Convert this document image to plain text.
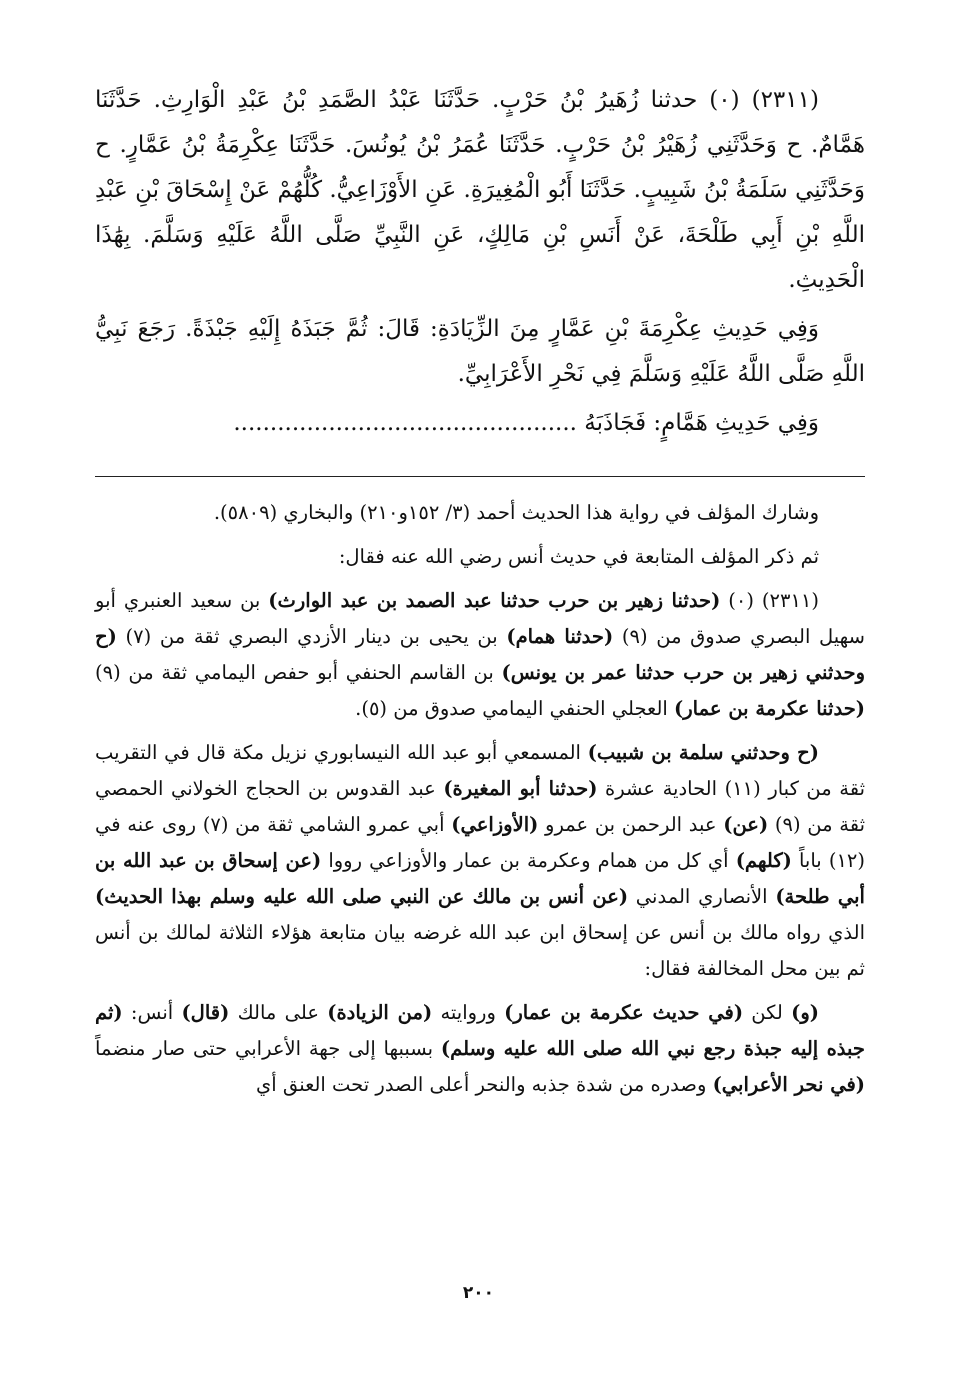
(٢٣١١) (٠) حدثنا زُهَيرُ بْنُ حَرْبٍ. حَدَّثَنَا عَبْدُ الصَّمَدِ بْنُ عَبْدِ الْوَارِثِ. حَدَّثَنَا هَمَّامٌ. ح وَحَدَّثَنِي زُهَيْرُ بْنُ حَرْبٍ. حَدَّثَنَا عُمَرُ بْنُ يُونُسَ. حَدَّثَنَا عِكْرِمَةُ بْنُ عَمَّارٍ. ح وَحَدَّثَنِي سَلَمَةُ بْنُ شَبِيبٍ. حَدَّثَنَا أَبُو الْمُغِيرَةِ. عَنِ الأَوْزَاعِيُّ. كُلُّهُمْ عَنْ إِسْحَاقَ بْنِ عَبْدِ اللَّهِ بْنِ أَبِي طَلْحَةَ، عَنْ أَنَسِ بْنِ مَالِكٍ، عَنِ النَّبِيِّ صَلَّى اللَّهُ عَلَيْهِ وَسَلَّمَ. بِهَٰذَا الْحَدِيثِ.

وَفِي حَدِيثِ عِكْرِمَةَ بْنِ عَمَّارٍ مِنَ الزِّيَادَةِ: قَالَ: ثُمَّ جَبَذَهُ إِلَيْهِ جَبْذَةً. رَجَعَ نَبِيُّ اللَّهِ صَلَّى اللَّهُ عَلَيْهِ وَسَلَّمَ فِي نَحْرِ الأَعْرَابِيِّ.

وَفِي حَدِيثِ هَمَّامٍ: فَجَاذَبَهُ ...............................................

وشارك المؤلف في رواية هذا الحديث أحمد (٣/ ١٥٢و٢١٠) والبخاري (٥٨٠٩).

ثم ذكر المؤلف المتابعة في حديث أنس رضي الله عنه فقال:

(٢٣١١) (٠) (حدثنا زهير بن حرب حدثنا عبد الصمد بن عبد الوارث) بن سعيد العنبري أبو سهيل البصري صدوق من (٩) (حدثنا همام) بن يحيى بن دينار الأزدي البصري ثقة من (٧) (ح وحدثني زهير بن حرب حدثنا عمر بن يونس) بن القاسم الحنفي أبو حفص اليمامي ثقة من (٩) (حدثنا عكرمة بن عمار) العجلي الحنفي اليمامي صدوق من (٥).

(ح وحدثني سلمة بن شبيب) المسمعي أبو عبد الله النيسابوري نزيل مكة قال في التقريب ثقة من كبار (١١) الحادية عشرة (حدثنا أبو المغيرة) عبد القدوس بن الحجاج الخولاني الحمصي ثقة من (٩) (عن) عبد الرحمن بن عمرو (الأوزاعي) أبي عمرو الشامي ثقة من (٧) روى عنه في (١٢) باباً (كلهم) أي كل من همام وعكرمة بن عمار والأوزاعي رووا (عن إسحاق بن عبد الله بن أبي طلحة) الأنصاري المدني (عن أنس بن مالك عن النبي صلى الله عليه وسلم بهذا الحديث) الذي رواه مالك بن أنس عن إسحاق ابن عبد الله غرضه بيان متابعة هؤلاء الثلاثة لمالك بن أنس ثم بين محل المخالفة فقال:

(و) لكن (في حديث عكرمة بن عمار) وروايته (من الزيادة) على مالك (قال) أنس: (ثم جبذه إليه جبذة رجع نبي الله صلى الله عليه وسلم) بسببها إلى جهة الأعرابي حتى صار منضماً (في نحر الأعرابي) وصدره من شدة جذبه والنحر أعلى الصدر تحت العنق أي

٢٠٠
